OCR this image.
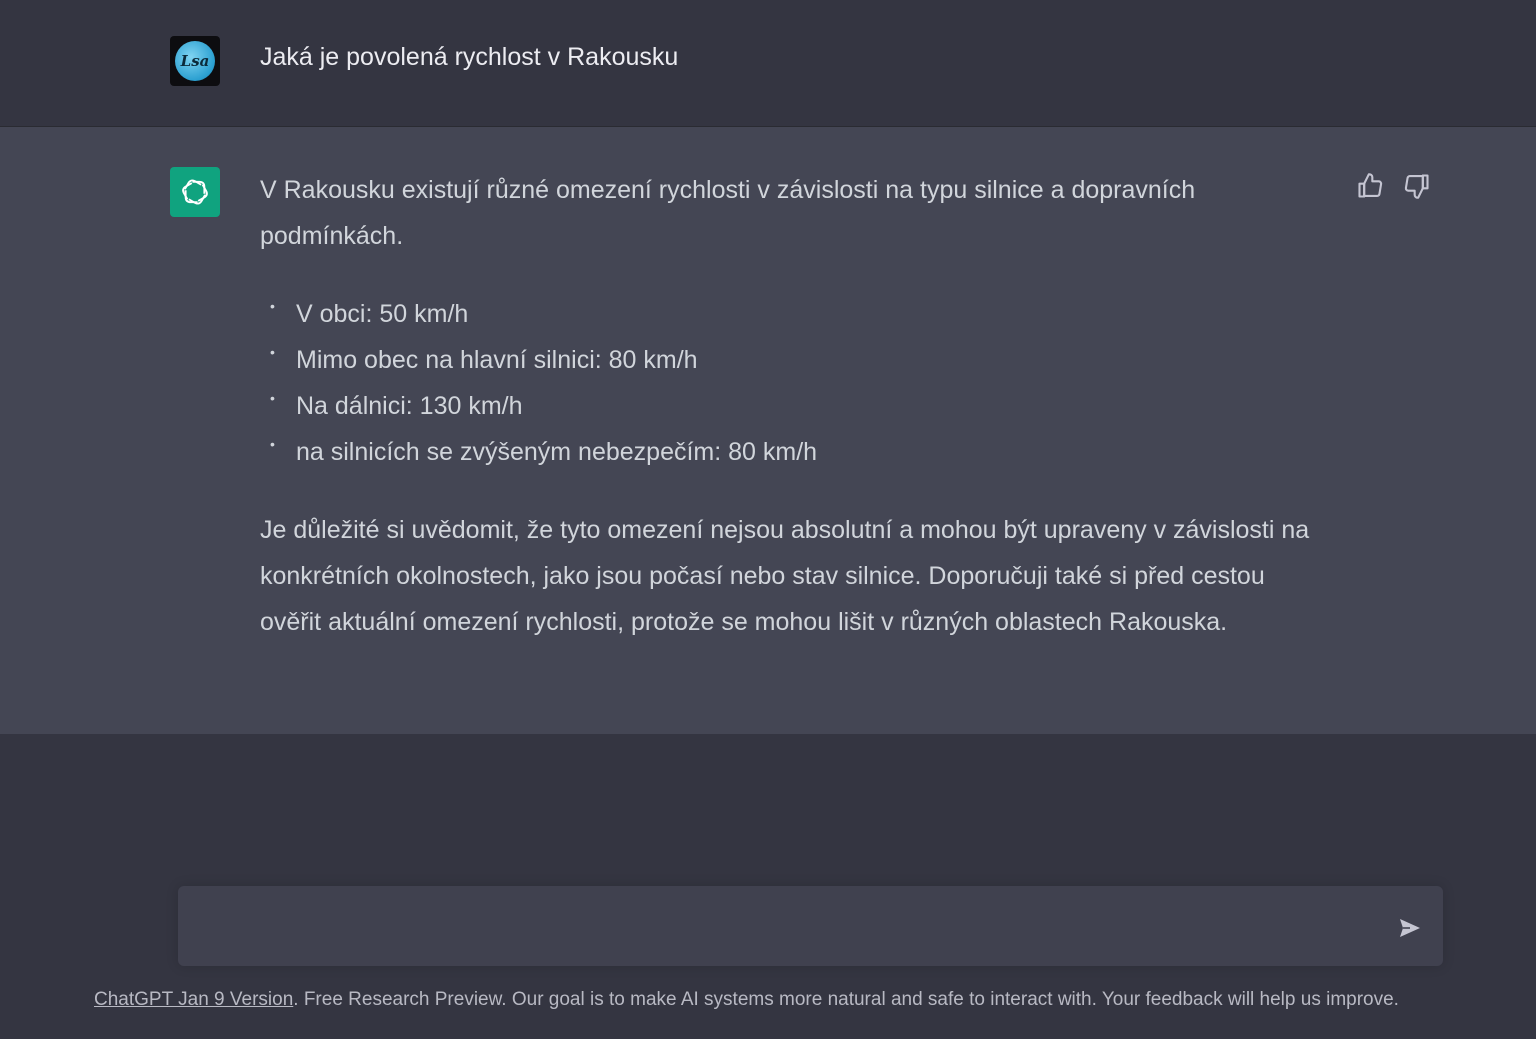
Lsa Jaká je povolená rychlost v Rakousku

V Rakousku existují různé omezení rychlosti v závislosti na typu silnice a dopravních podmínkách.

• V obci: 50 km/h
• Mimo obec na hlavní silnici: 80 km/h
• Na dálnici: 130 km/h
• na silnicích se zvýšeným nebezpečím: 80 km/h

Je důležité si uvědomit, že tyto omezení nejsou absolutní a mohou být upraveny v závislosti na konkrétních okolnostech, jako jsou počasí nebo stav silnice. Doporučuji také si před cestou ověřit aktuální omezení rychlosti, protože se mohou lišit v různých oblastech Rakouska.

ChatGPT Jan 9 Version. Free Research Preview. Our goal is to make AI systems more natural and safe to interact with. Your feedback will help us improve.
